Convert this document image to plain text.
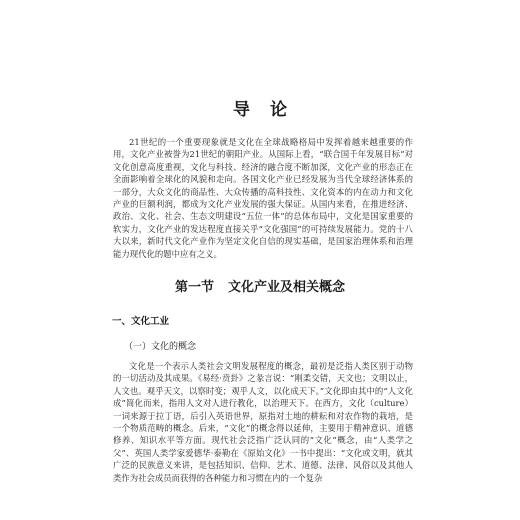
导论
21世纪的一个重要现象就是文化在全球战略格局中发挥着越来越重要的作用，文化产业被誉为21世纪的朝阳产业。从国际上看，“联合国千年发展目标”对文化创意高度重视，文化与科技、经济的融合度不断加深，文化产业的形态正在全面影响着全球化的风貌和走向。各国文化产业已经发展为当代全球经济体系的一部分，大众文化的商品性、大众传播的高科技性、文化资本的内在动力和文化产业的巨额利润，都成为文化产业发展的强大保证。从国内来看，在推进经济、政治、文化、社会、生态文明建设“五位一体”的总体布局中，文化是国家重要的软实力，文化产业的发达程度直接关乎“文化强国”的可持续发展能力。党的十八大以来，新时代文化产业作为坚定文化自信的现实基础，是国家治理体系和治理能力现代化的题中应有之义。
第一节 文化产业及相关概念
一、文化工业
（一）文化的概念
文化是一个表示人类社会文明发展程度的概念，最初是泛指人类区别于动物的一切活动及其成果。《易经·贲卦》之彖言说：“刚柔交错，天文也；文明以止，人文也。观乎天文，以察时变；观乎人文，以化成天下。”文化即由其中的“人文化成”简化而来，指用人文对人进行教化，以治理天下。在西方，文化（culture）一词来源于拉丁语，后引入英语世界，原指对土地的耕耘和对农作物的栽培，是一个物质范畴的概念。后来，“文化”的概念得以延伸，主要用于精神意识、道德修养、知识水平等方面。现代社会泛指广泛认同的“文化”概念，由“人类学之父”、英国人类学家爱德华·泰勒在《原始文化》一书中提出：“文化或文明，就其广泛的民族意义来讲，是包括知识、信仰、艺术、道德、法律、风俗以及其他人类作为社会成员而获得的各种能力和习惯在内的一个复杂
